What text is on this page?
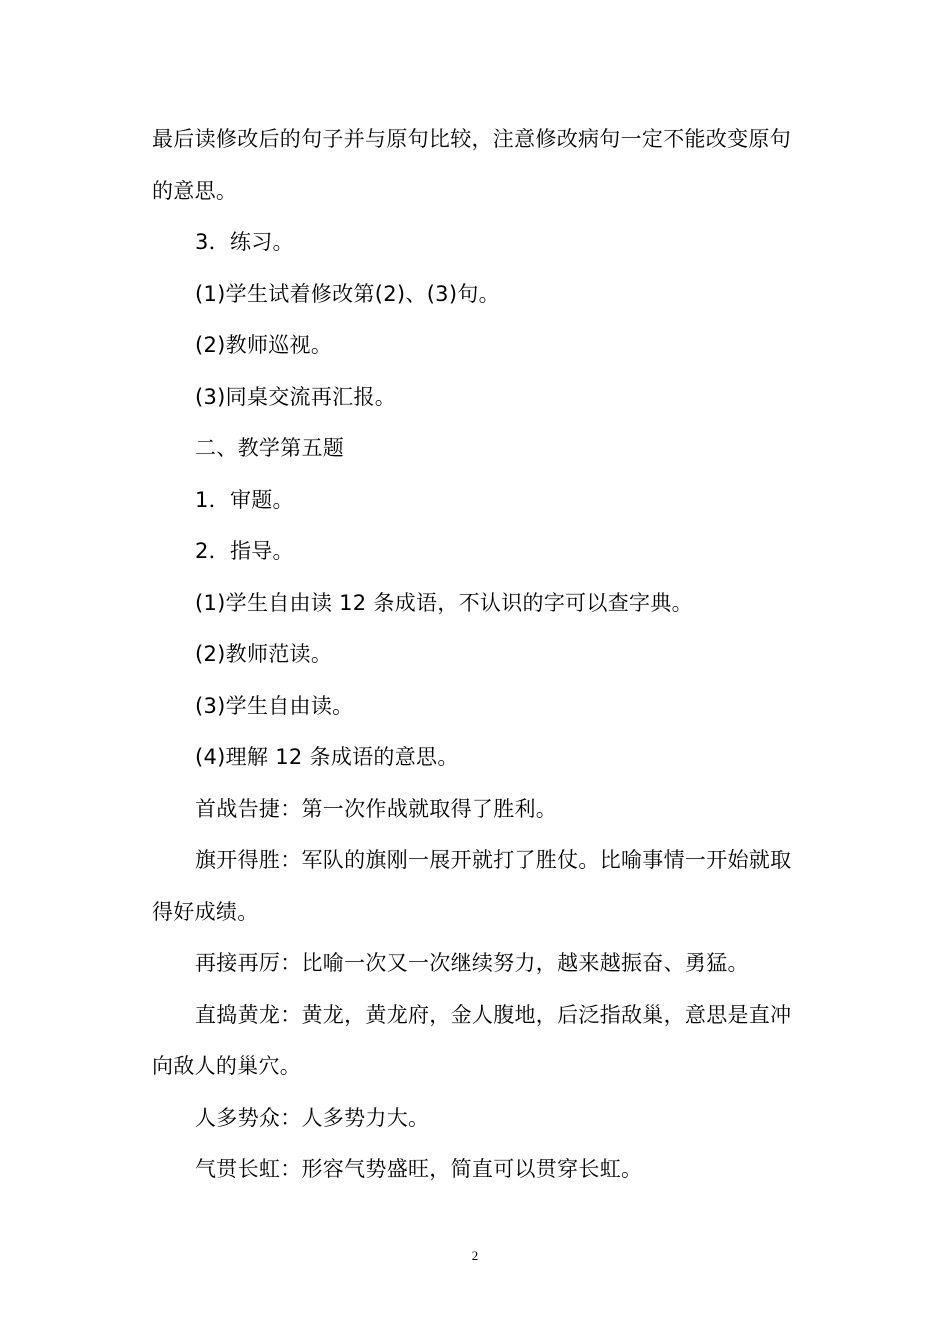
最后读修改后的句子并与原句比较，注意修改病句一定不能改变原句的意思。

3．练习。

(1)学生试着修改第(2)、(3)句。

(2)教师巡视。

(3)同桌交流再汇报。

二、教学第五题

1．审题。

2．指导。

(1)学生自由读 12 条成语，不认识的字可以查字典。

(2)教师范读。

(3)学生自由读。

(4)理解 12 条成语的意思。

首战告捷：第一次作战就取得了胜利。

旗开得胜：军队的旗刚一展开就打了胜仗。比喻事情一开始就取得好成绩。

再接再厉：比喻一次又一次继续努力，越来越振奋、勇猛。

直捣黄龙：黄龙，黄龙府，金人腹地，后泛指敌巢，意思是直冲向敌人的巢穴。

人多势众：人多势力大。

气贯长虹：形容气势盛旺，简直可以贯穿长虹。

2
